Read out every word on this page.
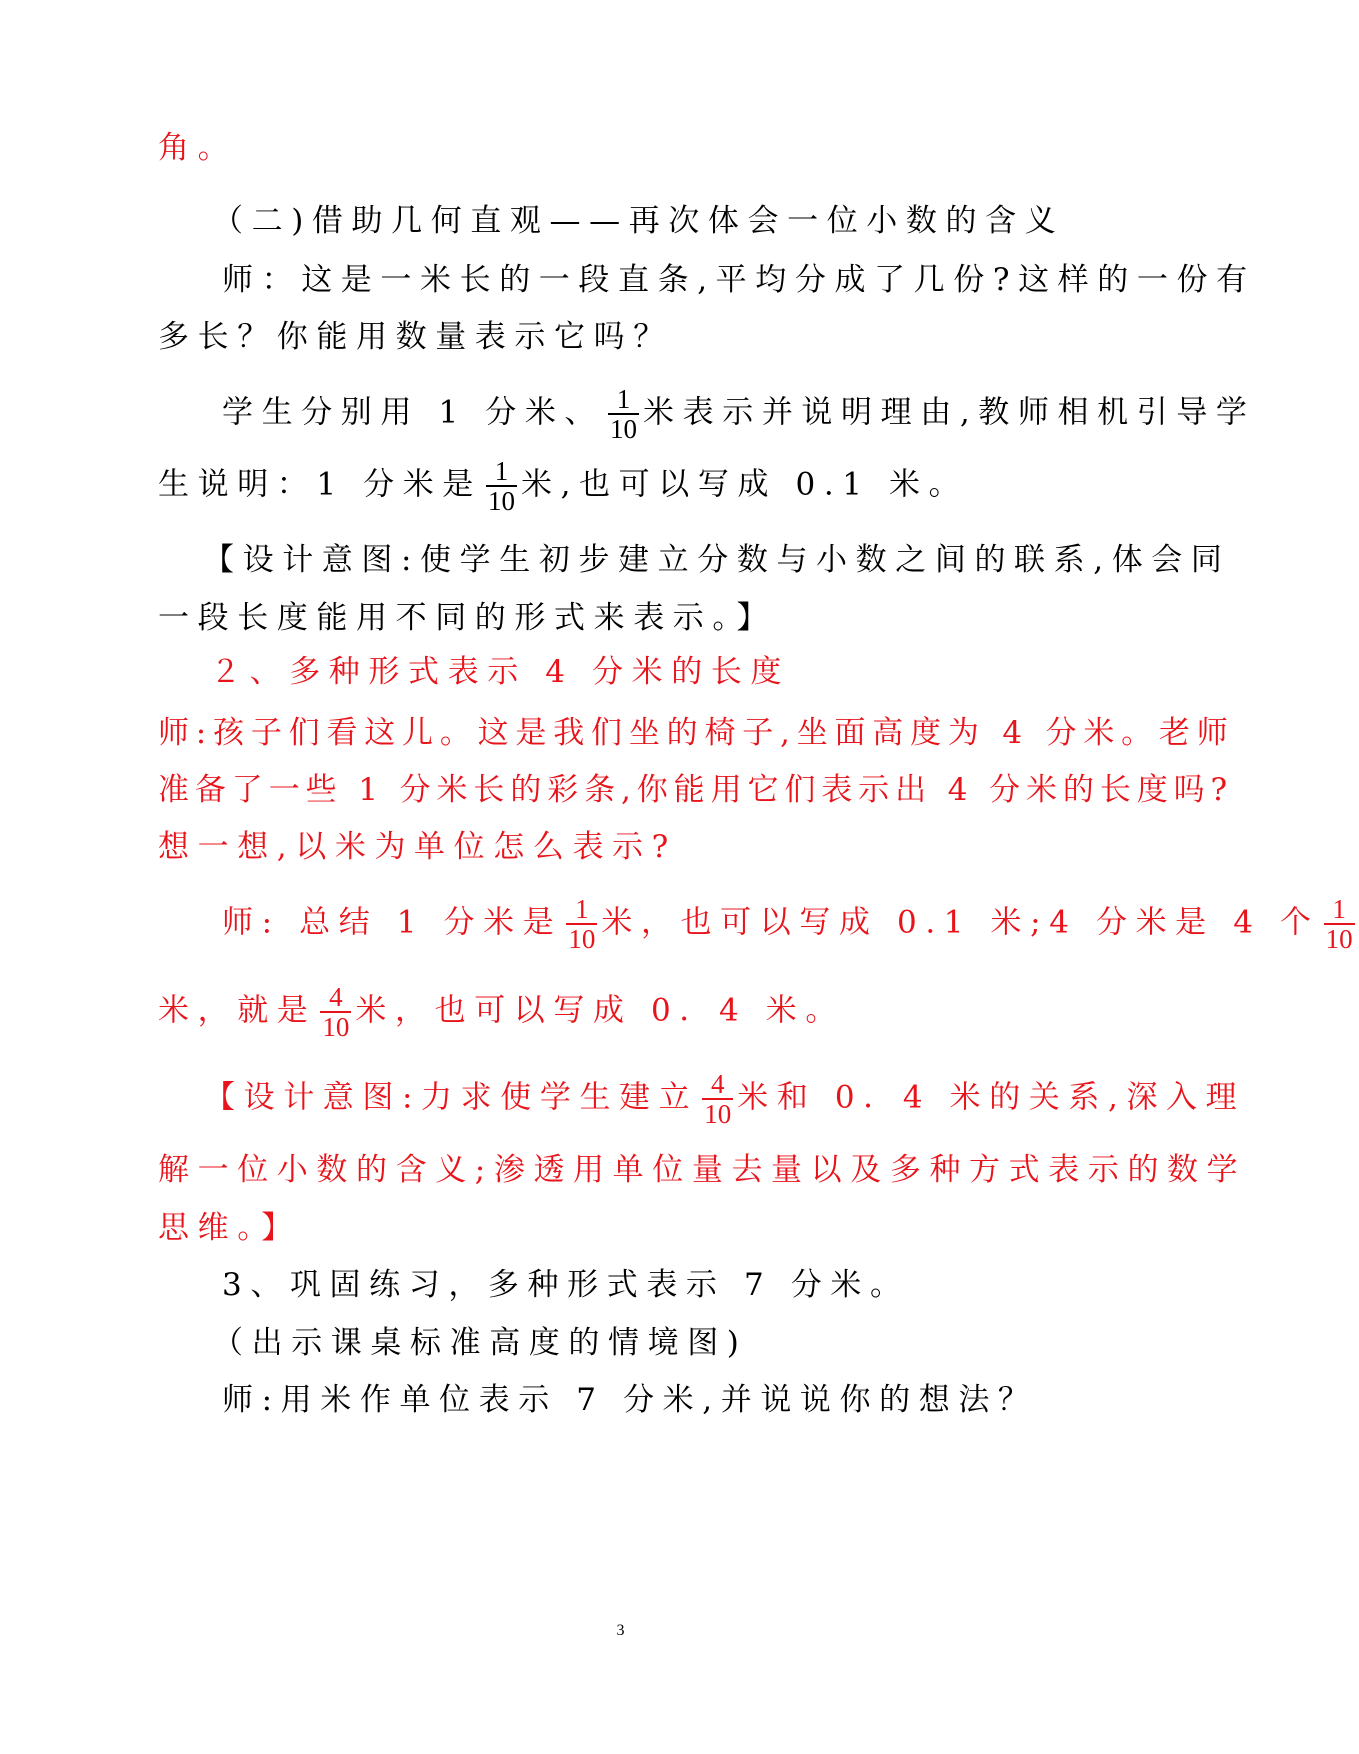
角。
（二)借助几何直观——再次体会一位小数的含义
师：这是一米长的一段直条,平均分成了几份?这样的一份有
多长？你能用数量表示它吗？
学生分别用 1 分米、 $\frac{1}{10}$ 米表示并说明理由,教师相机引导学
生说明：1 分米是 $\frac{1}{10}$ 米,也可以写成 0.1 米。
【设计意图:使学生初步建立分数与小数之间的联系,体会同
一段长度能用不同的形式来表示。】
２、多种形式表示 4 分米的长度
师:孩子们看这儿。这是我们坐的椅子,坐面高度为 4 分米。老师
准备了一些 1 分米长的彩条,你能用它们表示出 4 分米的长度吗?
想一想,以米为单位怎么表示?
师: 总结 1 分米是 $\frac{1}{10}$ 米，也可以写成 0.1 米;4 分米是 4 个 $\frac{1}{10}$
米，就是 $\frac{4}{10}$ 米，也可以写成 0．4 米。
【设计意图:力求使学生建立 $\frac{4}{10}$ 米和 0．4 米的关系,深入理
解一位小数的含义;渗透用单位量去量以及多种方式表示的数学
思维。】
3、巩固练习，多种形式表示 7 分米。
（出示课桌标准高度的情境图)
师:用米作单位表示 7 分米,并说说你的想法？
3
